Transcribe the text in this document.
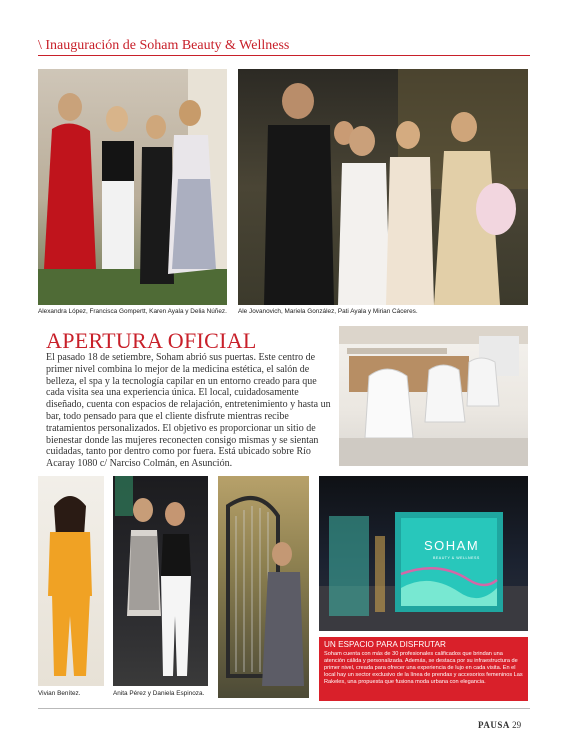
\ Inauguración de Soham Beauty & Wellness
Alexandra López, Francisca Gompertt, Karen Ayala y Delia Núñez. Ale Jovanovich, Mariela González, Pati Ayala y Mirian Cáceres.
APERTURA OFICIAL
El pasado 18 de setiembre, Soham abrió sus puertas. Este centro de primer nivel combina lo mejor de la medicina estética, el salón de belleza, el spa y la tecnología capilar en un entorno creado para que cada visita sea una experiencia única. El local, cuidadosamente diseñado, cuenta con espacios de relajación, entretenimiento y hasta un bar, todo pensado para que el cliente disfrute mientras recibe tratamientos personalizados. El objetivo es proporcionar un sitio de bienestar donde las mujeres reconecten consigo mismas y se sientan cuidadas, tanto por dentro como por fuera. Está ubicado sobre Río Acaray 1080 c/ Narciso Colmán, en Asunción.
Vivian Benítez.	Anita Pérez y Daniela Espinoza.
SOHAM
BEAUTY & WELLNESS
UN ESPACIO PARA DISFRUTAR
Soham cuenta con más de 30 profesionales calificados que brindan una atención cálida y personalizada. Además, se destaca por su infraestructura de primer nivel, creada para ofrecer una experiencia de lujo en cada visita. En el local hay un sector exclusivo de la línea de prendas y accesorios femeninos Las Rakeles, una propuesta que fusiona moda urbana con elegancia.
PAUSA 29
